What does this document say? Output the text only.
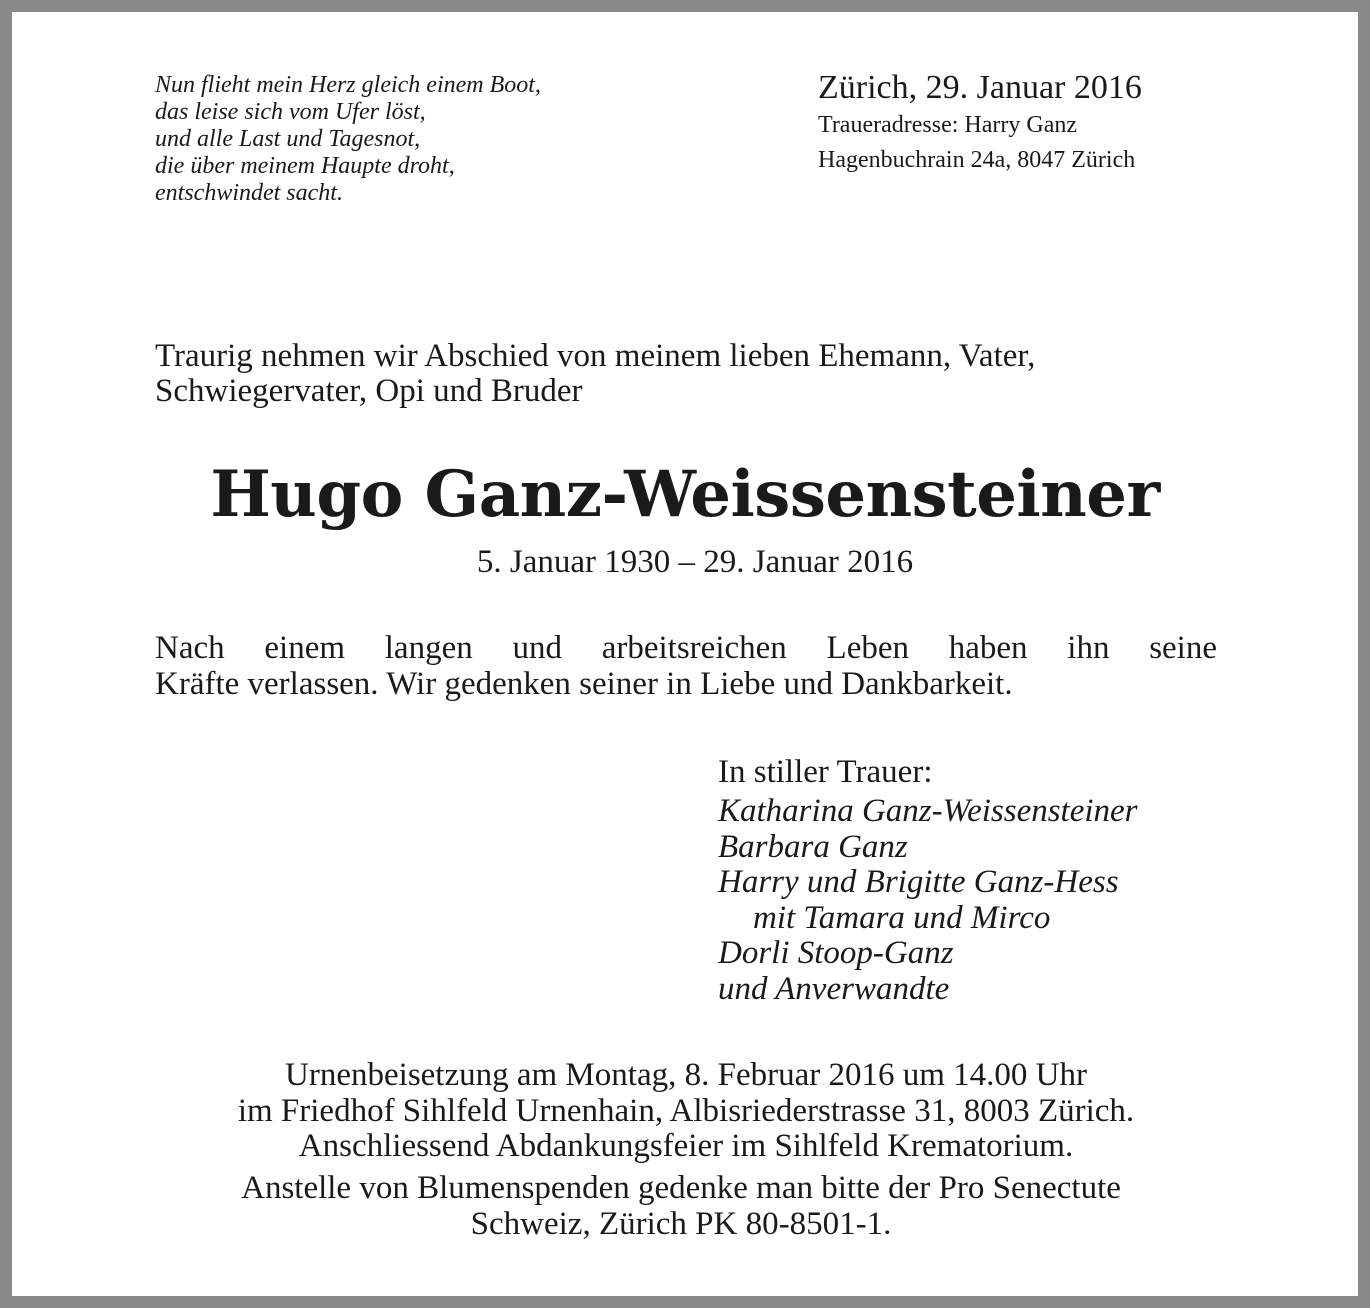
Nun flieht mein Herz gleich einem Boot,
das leise sich vom Ufer löst,
und alle Last und Tagesnot,
die über meinem Haupte droht,
entschwindet sacht.
Zürich, 29. Januar 2016
Traueradresse: Harry Ganz
Hagenbuchrain 24a, 8047 Zürich
Traurig nehmen wir Abschied von meinem lieben Ehemann, Vater,
Schwiegervater, Opi und Bruder
Hugo Ganz-Weissensteiner
5. Januar 1930 – 29. Januar 2016
Nach einem langen und arbeitsreichen Leben haben ihn seine
Kräfte verlassen. Wir gedenken seiner in Liebe und Dankbarkeit.
In stiller Trauer:
Katharina Ganz-Weissensteiner
Barbara Ganz
Harry und Brigitte Ganz-Hess
mit Tamara und Mirco
Dorli Stoop-Ganz
und Anverwandte
Urnenbeisetzung am Montag, 8. Februar 2016 um 14.00 Uhr
im Friedhof Sihlfeld Urnenhain, Albisriederstrasse 31, 8003 Zürich.
Anschliessend Abdankungsfeier im Sihlfeld Krematorium.
Anstelle von Blumenspenden gedenke man bitte der Pro Senectute
Schweiz, Zürich PK 80-8501-1.
